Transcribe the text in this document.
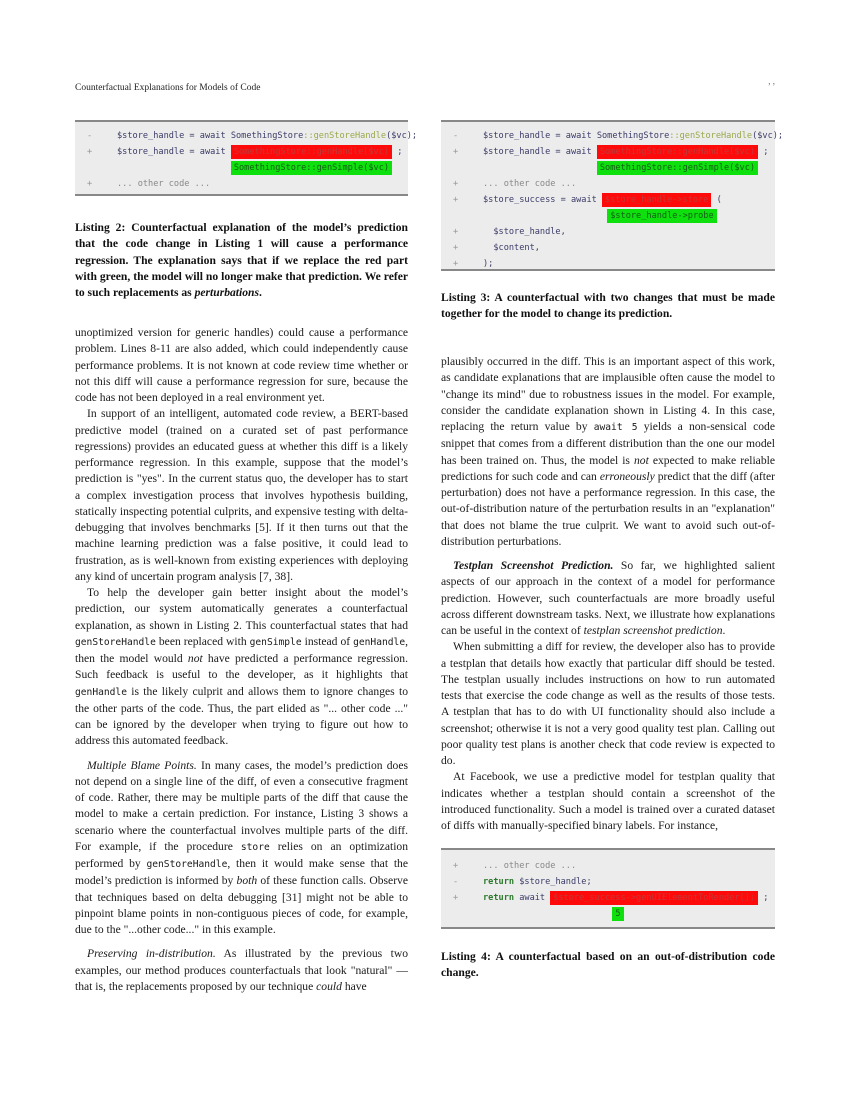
Counterfactual Explanations for Models of Code
, ,
-	$store_handle = await SomethingStore::genStoreHandle($vc);
+	$store_handle = await SomethingStore::genHandle($vc) ;
SomethingStore::genSimple($vc)
+	... other code ...
Listing 2: Counterfactual explanation of the model’s prediction that the code change in Listing 1 will cause a performance regression. The explanation says that if we replace the red part with green, the model will no longer make that prediction. We refer to such replacements as perturbations.
-	$store_handle = await SomethingStore::genStoreHandle($vc);
+	$store_handle = await SomethingStore::genHandle($vc) ;
SomethingStore::genSimple($vc)
+	... other code ...
+	$store_success = await $store_handle->store (
$store_handle->probe
+	$store_handle,
+	$content,
+	);
Listing 3: A counterfactual with two changes that must be made together for the model to change its prediction.

unoptimized version for generic handles) could cause a performance problem. Lines 8-11 are also added, which could independently cause performance problems. It is not known at code review time whether or not this diff will cause a performance regression for sure, because the code has not been deployed in a real environment yet.

In support of an intelligent, automated code review, a BERT-based predictive model (trained on a curated set of past performance regressions) provides an educated guess at whether this diff is a likely performance regression. In this example, suppose that the model’s prediction is "yes". In the current status quo, the developer has to start a complex investigation process that involves hypothesis building, statically inspecting potential culprits, and expensive testing with delta-debugging that involves benchmarks [5]. If it then turns out that the machine learning prediction was a false positive, it could lead to frustration, as is well-known from existing experiences with deploying any kind of uncertain program analysis [7, 38].

To help the developer gain better insight about the model’s prediction, our system automatically generates a counterfactual explanation, as shown in Listing 2. This counterfactual states that had genStoreHandle been replaced with genSimple instead of genHandle, then the model would not have predicted a performance regression. Such feedback is useful to the developer, as it highlights that genHandle is the likely culprit and allows them to ignore changes to the other parts of the code. Thus, the part elided as "... other code ..." can be ignored by the developer when trying to figure out how to address this automated feedback.

Multiple Blame Points. In many cases, the model’s prediction does not depend on a single line of the diff, of even a consecutive fragment of code. Rather, there may be multiple parts of the diff that cause the model to make a certain prediction. For instance, Listing 3 shows a scenario where the counterfactual involves multiple parts of the diff. For example, if the procedure store relies on an optimization performed by genStoreHandle, then it would make sense that the model’s prediction is informed by both of these function calls. Observe that techniques based on delta debugging [31] might not be able to pinpoint blame points in non-contiguous pieces of code, for example, due to the "...other code..." in this example.

Preserving in-distribution. As illustrated by the previous two examples, our method produces counterfactuals that look "natural" — that is, the replacements proposed by our technique could have

plausibly occurred in the diff. This is an important aspect of this work, as candidate explanations that are implausible often cause the model to "change its mind" due to robustness issues in the model. For example, consider the candidate explanation shown in Listing 4. In this case, replacing the return value by await 5 yields a non-sensical code snippet that comes from a different distribution than the one our model has been trained on. Thus, the model is not expected to make reliable predictions for such code and can erroneously predict that the diff (after perturbation) does not have a performance regression. In this case, the out-of-distribution nature of the perturbation results in an "explanation" that does not blame the true culprit. We want to avoid such out-of-distribution perturbations.

Testplan Screenshot Prediction. So far, we highlighted salient aspects of our approach in the context of a model for performance prediction. However, such counterfactuals are more broadly useful across different downstream tasks. Next, we illustrate how explanations can be useful in the context of testplan screenshot prediction.

When submitting a diff for review, the developer also has to provide a testplan that details how exactly that particular diff should be tested. The testplan usually includes instructions on how to run automated tests that exercise the code change as well as the results of those tests. A testplan that has to do with UI functionality should also include a screenshot; otherwise it is not a very good quality test plan. Calling out poor quality test plans is another check that code review is expected to do.

At Facebook, we use a predictive model for testplan quality that indicates whether a testplan should contain a screenshot of the introduced functionality. Such a model is trained over a curated dataset of diffs with manually-specified binary labels. For instance,

+	... other code ...
-	return $store_handle;
+	return await $store_success->genUIElementToRender(); ;
5
Listing 4: A counterfactual based on an out-of-distribution code change.
